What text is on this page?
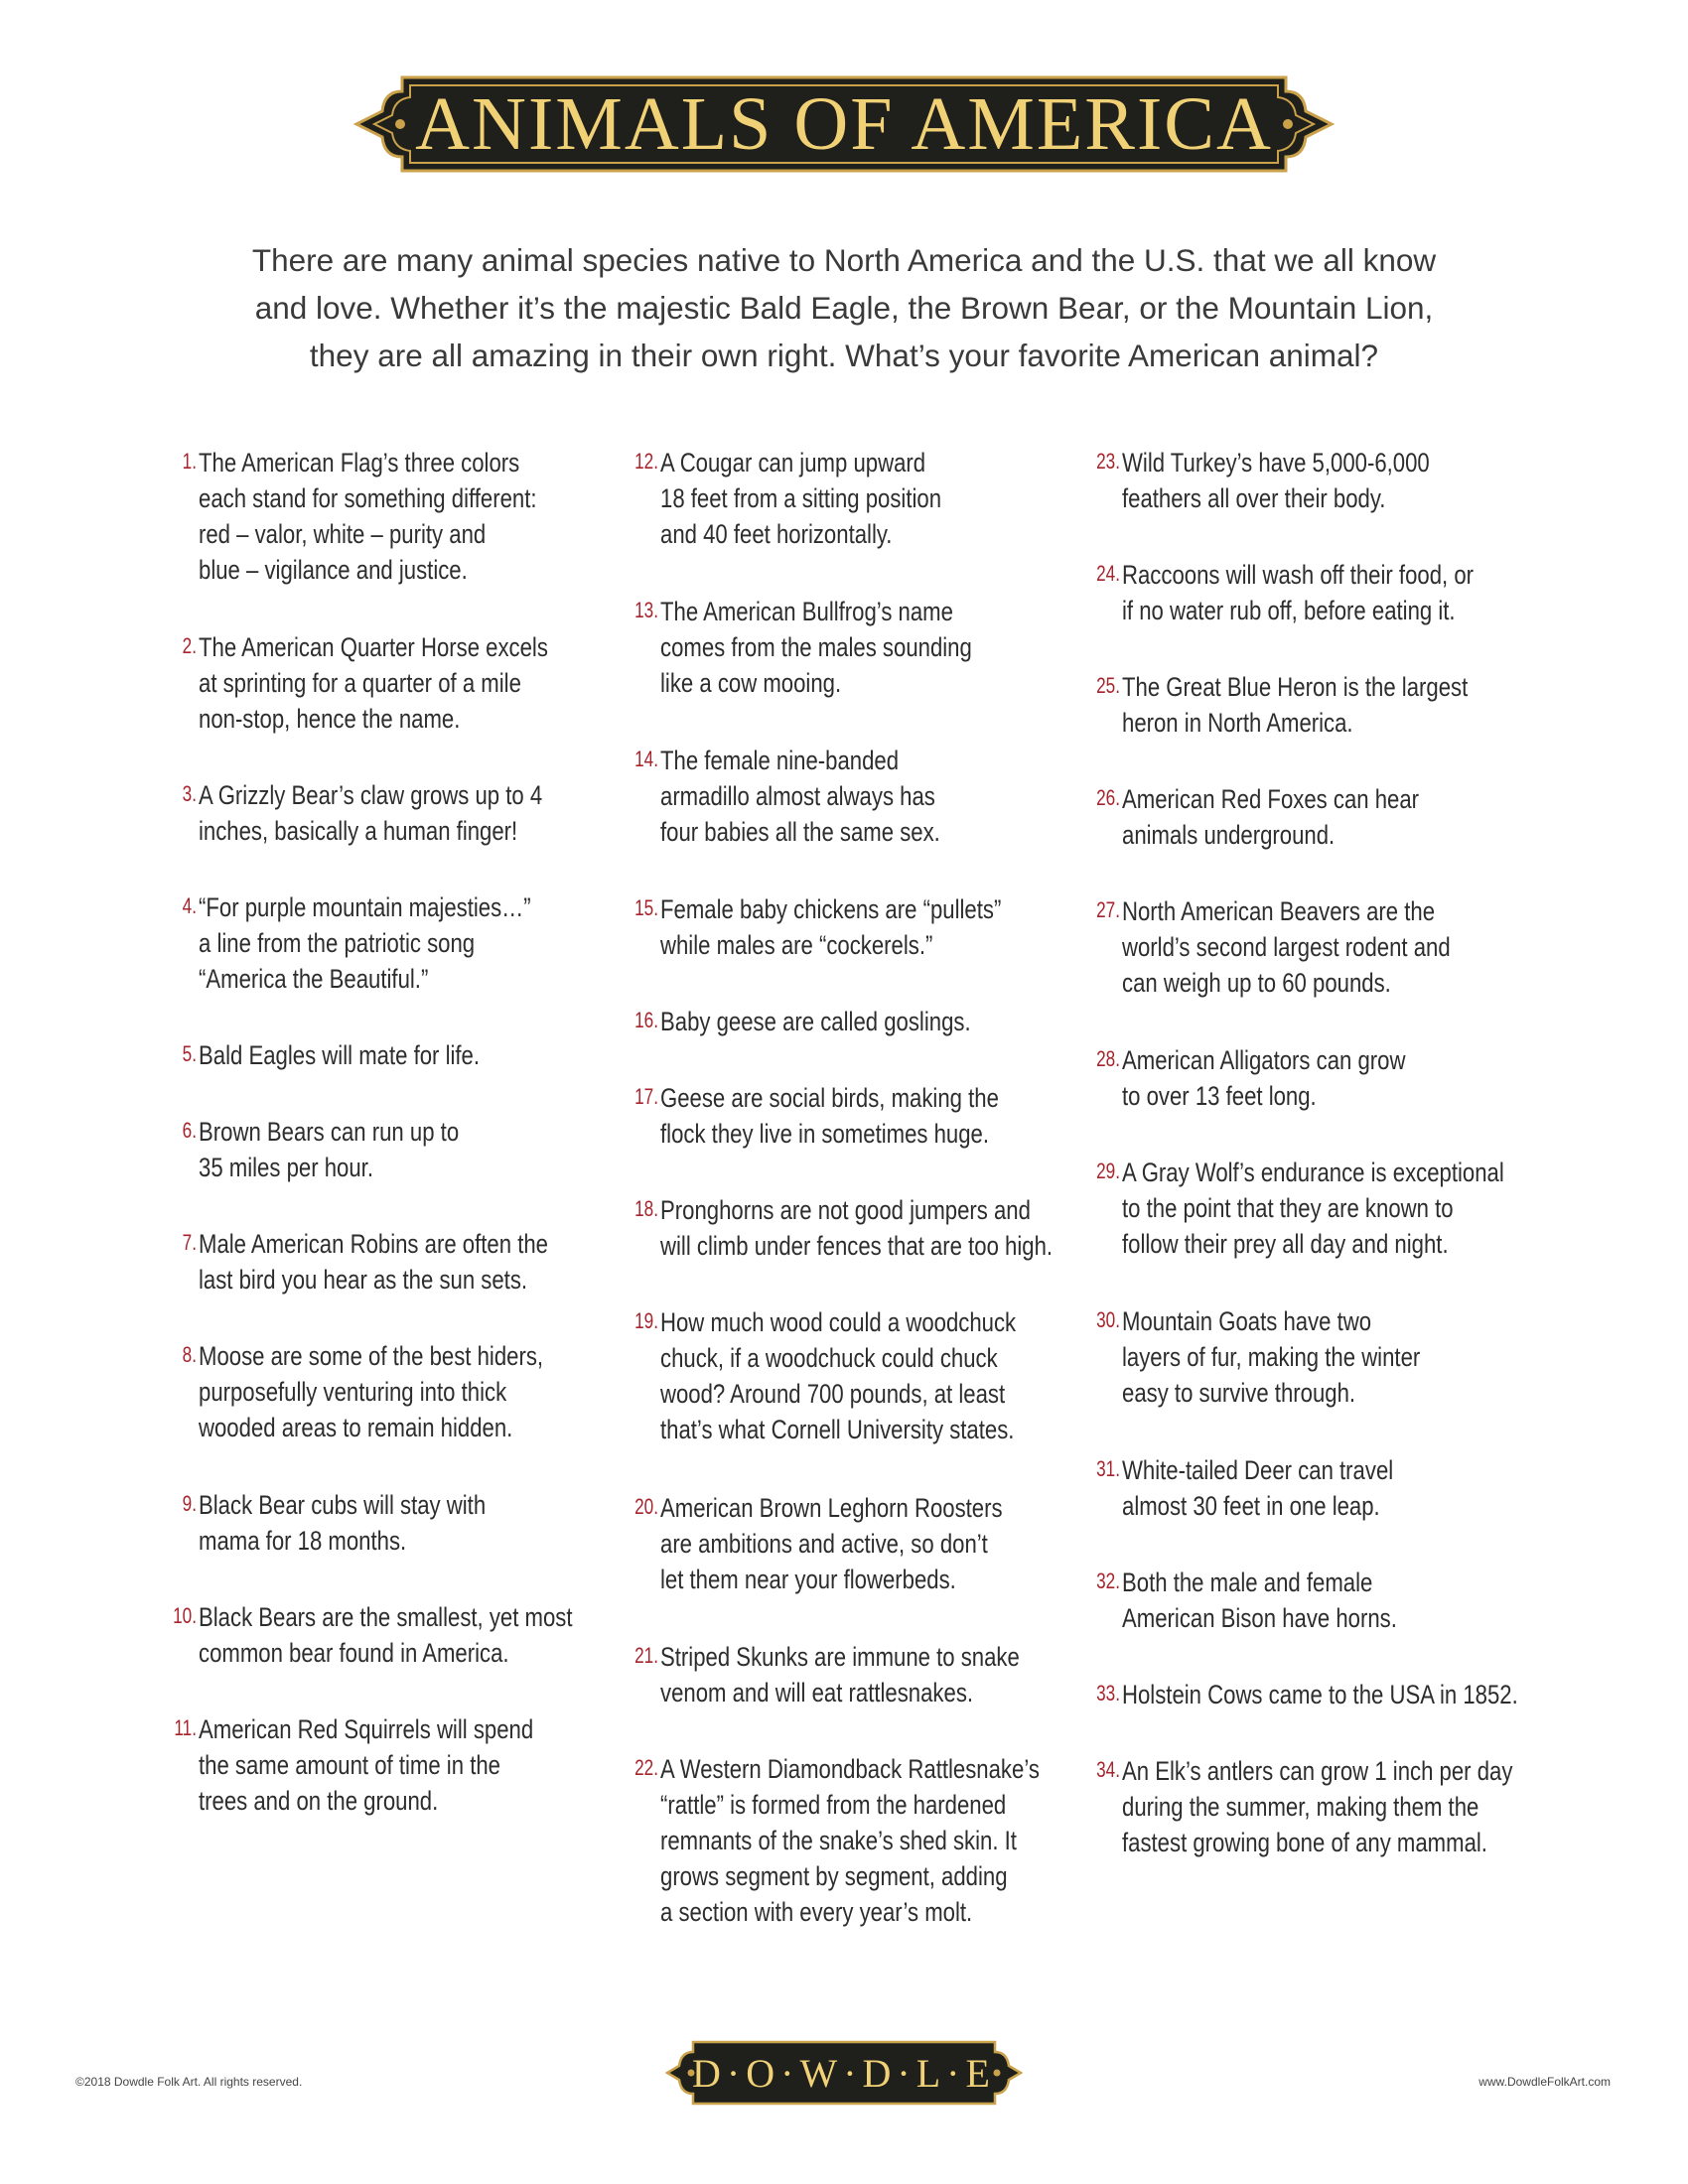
ANIMALS OF AMERICA
There are many animal species native to North America and the U.S. that we all know and love. Whether it’s the majestic Bald Eagle, the Brown Bear, or the Mountain Lion, they are all amazing in their own right. What’s your favorite American animal?
1. The American Flag’s three colors
each stand for something different:
red – valor, white – purity and
blue – vigilance and justice.
2. The American Quarter Horse excels
at sprinting for a quarter of a mile
non-stop, hence the name.
3. A Grizzly Bear’s claw grows up to 4
inches, basically a human finger!
4. “For purple mountain majesties…”
a line from the patriotic song
“America the Beautiful.”
5. Bald Eagles will mate for life.
6. Brown Bears can run up to
35 miles per hour.
7. Male American Robins are often the
last bird you hear as the sun sets.
8. Moose are some of the best hiders,
purposefully venturing into thick
wooded areas to remain hidden.
9. Black Bear cubs will stay with
mama for 18 months.
10. Black Bears are the smallest, yet most
common bear found in America.
11. American Red Squirrels will spend
the same amount of time in the
trees and on the ground.
12. A Cougar can jump upward
18 feet from a sitting position
and 40 feet horizontally.
13. The American Bullfrog’s name
comes from the males sounding
like a cow mooing.
14. The female nine-banded
armadillo almost always has
four babies all the same sex.
15. Female baby chickens are “pullets”
while males are “cockerels.”
16. Baby geese are called goslings.
17. Geese are social birds, making the
flock they live in sometimes huge.
18. Pronghorns are not good jumpers and
will climb under fences that are too high.
19. How much wood could a woodchuck
chuck, if a woodchuck could chuck
wood? Around 700 pounds, at least
that’s what Cornell University states.
20. American Brown Leghorn Roosters
are ambitions and active, so don’t
let them near your flowerbeds.
21. Striped Skunks are immune to snake
venom and will eat rattlesnakes.
22. A Western Diamondback Rattlesnake’s
“rattle” is formed from the hardened
remnants of the snake’s shed skin. It
grows segment by segment, adding
a section with every year’s molt.
23. Wild Turkey’s have 5,000-6,000
feathers all over their body.
24. Raccoons will wash off their food, or
if no water rub off, before eating it.
25. The Great Blue Heron is the largest
heron in North America.
26. American Red Foxes can hear
animals underground.
27. North American Beavers are the
world’s second largest rodent and
can weigh up to 60 pounds.
28. American Alligators can grow
to over 13 feet long.
29. A Gray Wolf’s endurance is exceptional
to the point that they are known to
follow their prey all day and night.
30. Mountain Goats have two
layers of fur, making the winter
easy to survive through.
31. White-tailed Deer can travel
almost 30 feet in one leap.
32. Both the male and female
American Bison have horns.
33. Holstein Cows came to the USA in 1852.
34. An Elk’s antlers can grow 1 inch per day
during the summer, making them the
fastest growing bone of any mammal.
©2018 Dowdle Folk Art. All rights reserved.	D·O·W·D·L·E	www.DowdleFolkArt.com
